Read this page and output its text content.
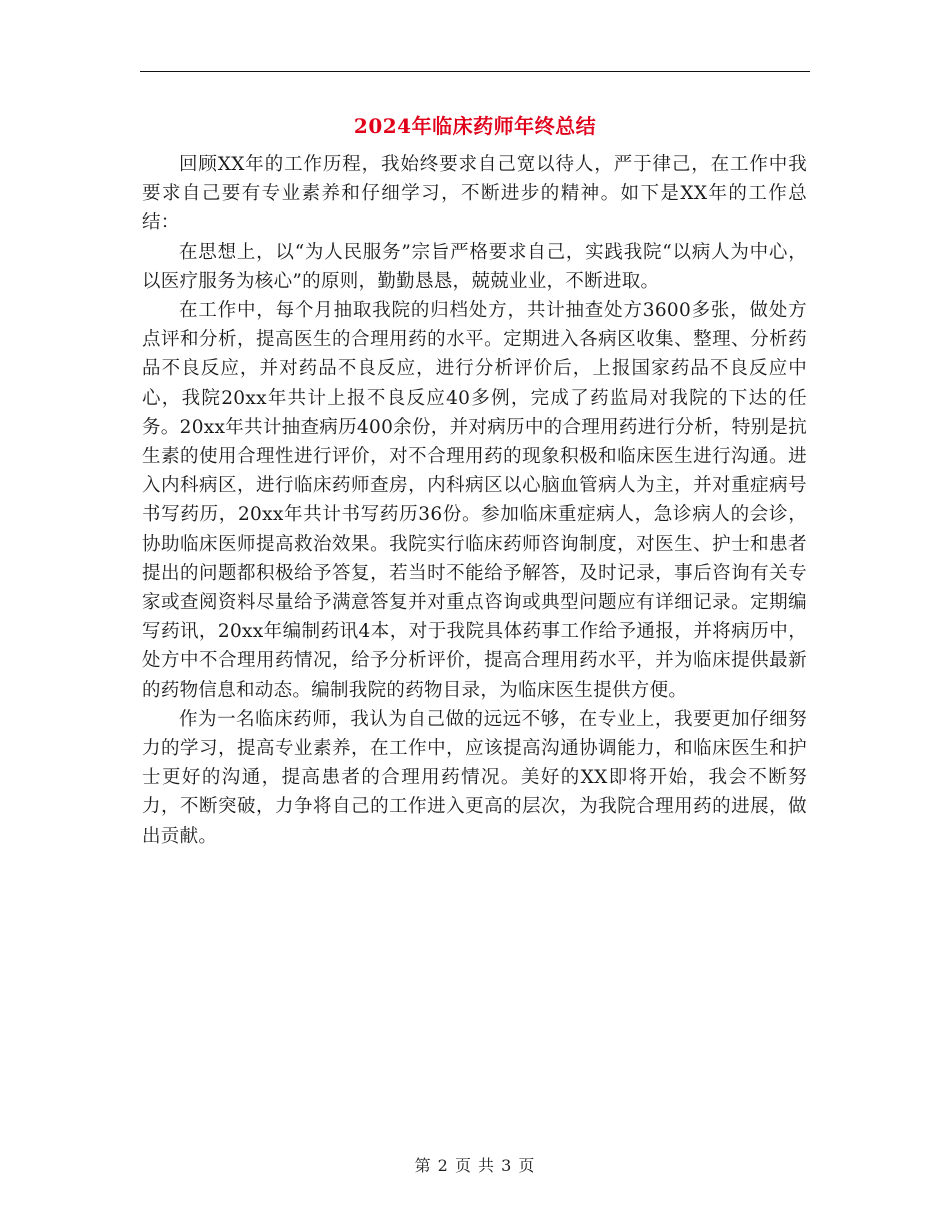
2024年临床药师年终总结

回顾XX年的工作历程，我始终要求自己宽以待人，严于律己，在工作中我要求自己要有专业素养和仔细学习，不断进步的精神。如下是XX年的工作总结：

在思想上，以“为人民服务”宗旨严格要求自己，实践我院“以病人为中心，以医疗服务为核心”的原则，勤勤恳恳，兢兢业业，不断进取。

在工作中，每个月抽取我院的归档处方，共计抽查处方3600多张，做处方点评和分析，提高医生的合理用药的水平。定期进入各病区收集、整理、分析药品不良反应，并对药品不良反应，进行分析评价后，上报国家药品不良反应中心，我院20xx年共计上报不良反应40多例，完成了药监局对我院的下达的任务。20xx年共计抽查病历400余份，并对病历中的合理用药进行分析，特别是抗生素的使用合理性进行评价，对不合理用药的现象积极和临床医生进行沟通。进入内科病区，进行临床药师查房，内科病区以心脑血管病人为主，并对重症病号书写药历，20xx年共计书写药历36份。参加临床重症病人，急诊病人的会诊，协助临床医师提高救治效果。我院实行临床药师咨询制度，对医生、护士和患者提出的问题都积极给予答复，若当时不能给予解答，及时记录，事后咨询有关专家或查阅资料尽量给予满意答复并对重点咨询或典型问题应有详细记录。定期编写药讯，20xx年编制药讯4本，对于我院具体药事工作给予通报，并将病历中，处方中不合理用药情况，给予分析评价，提高合理用药水平，并为临床提供最新的药物信息和动态。编制我院的药物目录，为临床医生提供方便。

作为一名临床药师，我认为自己做的远远不够，在专业上，我要更加仔细努力的学习，提高专业素养，在工作中，应该提高沟通协调能力，和临床医生和护士更好的沟通，提高患者的合理用药情况。美好的XX即将开始，我会不断努力，不断突破，力争将自己的工作进入更高的层次，为我院合理用药的进展，做出贡献。

第 2 页 共 3 页
